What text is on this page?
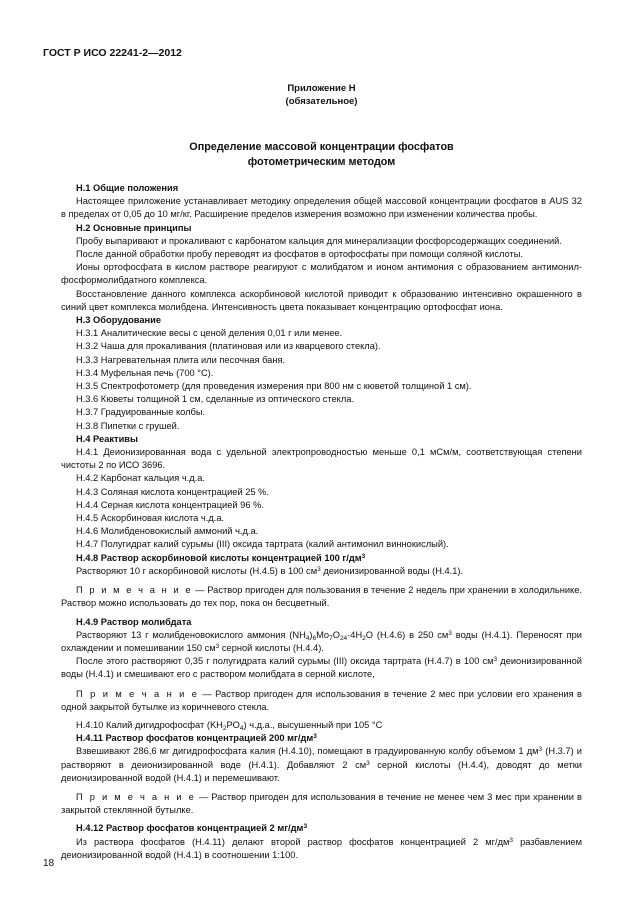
ГОСТ Р ИСО 22241-2—2012
Приложение Н
(обязательное)
Определение массовой концентрации фосфатов
фотометрическим методом
Н.1 Общие положения
Настоящее приложение устанавливает методику определения общей массовой концентрации фосфатов в AUS 32 в пределах от 0,05 до 10 мг/кг. Расширение пределов измерения возможно при изменении количества пробы.
Н.2 Основные принципы
Пробу выпаривают и прокаливают с карбонатом кальция для минерализации фосфорсодержащих соединений.
После данной обработки пробу переводят из фосфатов в ортофосфаты при помощи соляной кислоты.
Ионы ортофосфата в кислом растворе реагируют с молибдатом и ионом антимония с образованием антимонил-фосформолибдатного комплекса.
Восстановление данного комплекса аскорбиновой кислотой приводит к образованию интенсивно окрашенного в синий цвет комплекса молибдена. Интенсивность цвета показывает концентрацию ортофосфат иона.
Н.3 Оборудование
Н.3.1 Аналитические весы с ценой деления 0,01 г или менее.
Н.3.2 Чаша для прокаливания (платиновая или из кварцевого стекла).
Н.3.3 Нагревательная плита или песочная баня.
Н.3.4 Муфельная печь (700 °С).
Н.3.5 Спектрофотометр (для проведения измерения при 800 нм с кюветой толщиной 1 см).
Н.3.6 Кюветы толщиной 1 см, сделанные из оптического стекла.
Н.3.7 Градуированные колбы.
Н.3.8 Пипетки с грушей.
Н.4 Реактивы
Н.4.1 Деионизированная вода с удельной электропроводностью меньше 0,1 мСм/м, соответствующая степени чистоты 2 по ИСО 3696.
Н.4.2 Карбонат кальция ч.д.а.
Н.4.3 Соляная кислота концентрацией 25 %.
Н.4.4 Серная кислота концентрацией 96 %.
Н.4.5 Аскорбиновая кислота ч.д.а.
Н.4.6 Молибденовокислый аммоний ч.д.а.
Н.4.7 Полугидрат калий сурьмы (III) оксида тартрата (калий антимонил виннокислый).
Н.4.8 Раствор аскорбиновой кислоты концентрацией 100 $г/дм^3$
Растворяют 10 г аскорбиновой кислоты (Н.4.5) в 100 $см^3$ деионизированной воды (Н.4.1).
П р и м е ч а н и е — Раствор пригоден для пользования в течение 2 недель при хранении в холодильнике. Раствор можно использовать до тех пор, пока он бесцветный.
Н.4.9 Раствор молибдата
Растворяют 13 г молибденовокислого аммония $(NH_4)_6Mo_7O_{24}\cdot 4H_2O$ (Н.4.6) в 250 $см^3$ воды (Н.4.1). Переносят при охлаждении и помешивании 150 $см^3$ серной кислоты (Н.4.4).
После этого растворяют 0,35 г полугидрата калий сурьмы (III) оксида тартрата (Н.4.7) в 100 $см^3$ деионизированной воды (Н.4.1) и смешивают его с раствором молибдата в серной кислоте,
П р и м е ч а н и е — Раствор пригоден для использования в течение 2 мес при условии его хранения в одной закрытой бутылке из коричневого стекла.
Н.4.10 Калий дигидрофосфат $(KH_2PO_4)$ ч.д.а., высушенный при 105 °С
Н.4.11 Раствор фосфатов концентрацией 200 $мг/дм^3$
Взвешивают 286,6 мг дигидрофосфата калия (Н.4.10), помещают в градуированную колбу объемом 1 $дм^3$ (Н.3.7) и растворяют в деионизированной воде (Н.4.1). Добавляют 2 $см^3$ серной кислоты (Н.4.4), доводят до метки деионизированной водой (Н.4.1) и перемешивают.
П р и м е ч а н и е — Раствор пригоден для использования в течение не менее чем 3 мес при хранении в закрытой стеклянной бутылке.
Н.4.12 Раствор фосфатов концентрацией 2 $мг/дм^3$
Из раствора фосфатов (Н.4.11) делают второй раствор фосфатов концентрацией 2 $мг/дм^3$ разбавлением деионизированной водой (Н.4.1) в соотношении 1:100.
18
